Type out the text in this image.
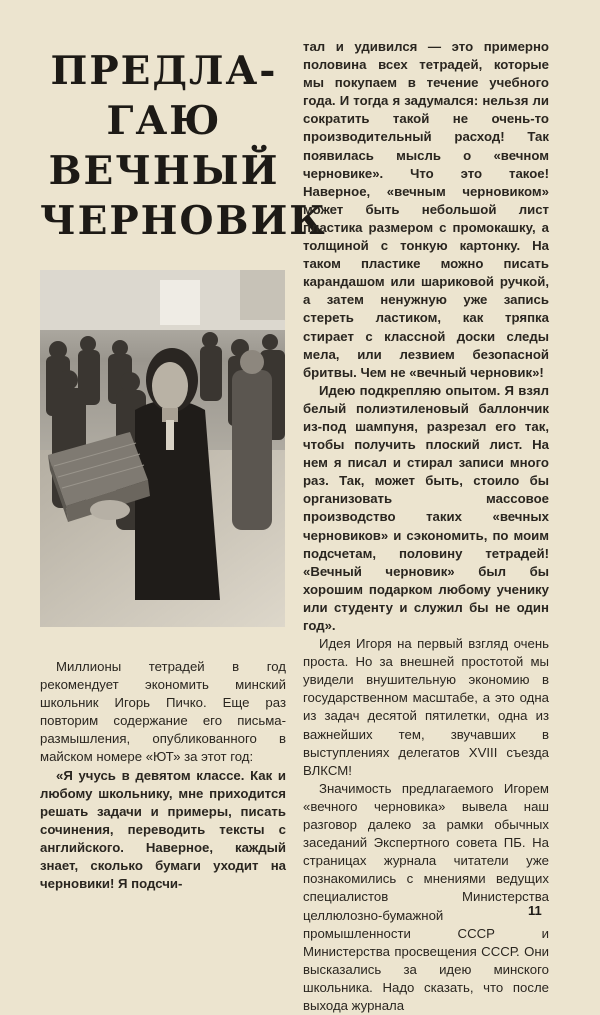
ПРЕДЛА-
ГАЮ
ВЕЧНЫЙ
ЧЕРНОВИК

Миллионы тетрадей в год рекомендует экономить минский школьник Игорь Пичко. Еще раз повторим содержание его письма-размышления, опубликованного в майском номере «ЮТ» за этот год:

«Я учусь в девятом классе. Как и любому школьнику, мне приходится решать задачи и примеры, писать сочинения, переводить тексты с английского. Наверное, каждый знает, сколько бумаги уходит на черновики! Я подсчи-

тал и удивился — это примерно половина всех тетрадей, которые мы покупаем в течение учебного года. И тогда я задумался: нельзя ли сократить такой не очень-то производительный расход! Так появилась мысль о «вечном черновике». Что это такое! Наверное, «вечным черновиком» может быть небольшой лист пластика размером с промокашку, а толщиной с тонкую картонку. На таком пластике можно писать карандашом или шариковой ручкой, а затем ненужную уже запись стереть ластиком, как тряпка стирает с классной доски следы мела, или лезвием безопасной бритвы. Чем не «вечный черновик»!

Идею подкрепляю опытом. Я взял белый полиэтиленовый баллончик из-под шампуня, разрезал его так, чтобы получить плоский лист. На нем я писал и стирал записи много раз. Так, может быть, стоило бы организовать массовое производство таких «вечных черновиков» и сэкономить, по моим подсчетам, половину тетрадей! «Вечный черновик» был бы хорошим подарком любому ученику или студенту и служил бы не один год».

Идея Игоря на первый взгляд очень проста. Но за внешней простотой мы увидели внушительную экономию в государственном масштабе, а это одна из задач десятой пятилетки, одна из важнейших тем, звучавших в выступлениях делегатов XVIII съезда ВЛКСМ!

Значимость предлагаемого Игорем «вечного черновика» вывела наш разговор далеко за рамки обычных заседаний Экспертного совета ПБ. На страницах журнала читатели уже познакомились с мнениями ведущих специалистов Министерства целлюлозно-бумажной промышленности СССР и Министерства просвещения СССР. Они высказались за идею минского школьника. Надо сказать, что после выхода журнала

11
